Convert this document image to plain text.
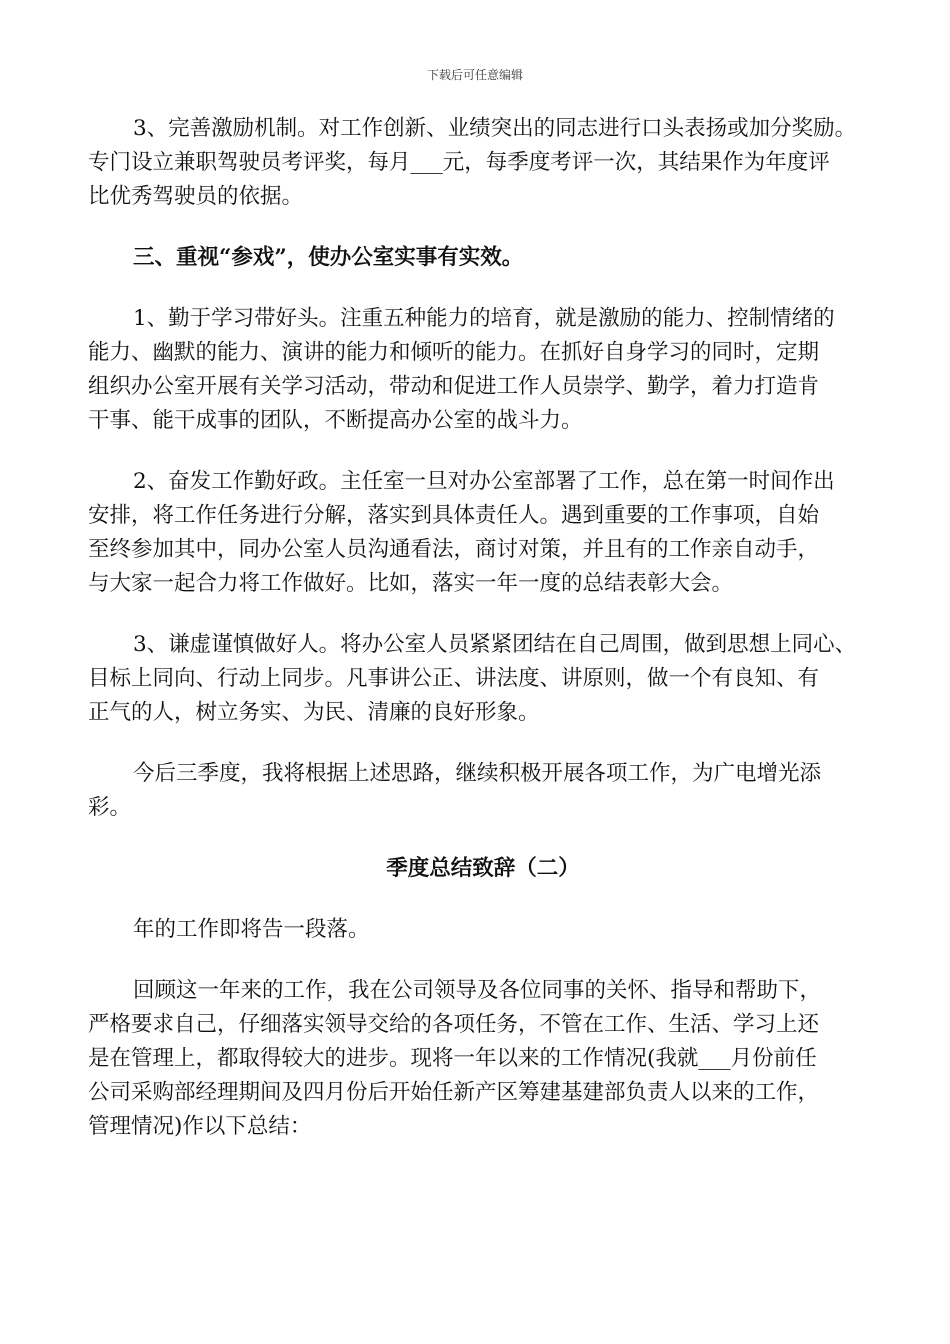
下载后可任意编辑
3、完善激励机制。对工作创新、业绩突出的同志进行口头表扬或加分奖励。
专门设立兼职驾驶员考评奖，每月___元，每季度考评一次，其结果作为年度评
比优秀驾驶员的依据。
三、重视“参戏”，使办公室实事有实效。
1、勤于学习带好头。注重五种能力的培育，就是激励的能力、控制情绪的
能力、幽默的能力、演讲的能力和倾听的能力。在抓好自身学习的同时，定期
组织办公室开展有关学习活动，带动和促进工作人员崇学、勤学，着力打造肯
干事、能干成事的团队，不断提高办公室的战斗力。
2、奋发工作勤好政。主任室一旦对办公室部署了工作，总在第一时间作出
安排，将工作任务进行分解，落实到具体责任人。遇到重要的工作事项，自始
至终参加其中，同办公室人员沟通看法，商讨对策，并且有的工作亲自动手，
与大家一起合力将工作做好。比如，落实一年一度的总结表彰大会。
3、谦虚谨慎做好人。将办公室人员紧紧团结在自己周围，做到思想上同心、
目标上同向、行动上同步。凡事讲公正、讲法度、讲原则，做一个有良知、有
正气的人，树立务实、为民、清廉的良好形象。
今后三季度，我将根据上述思路，继续积极开展各项工作，为广电增光添
彩。
季度总结致辞（二）
年的工作即将告一段落。
回顾这一年来的工作，我在公司领导及各位同事的关怀、指导和帮助下，
严格要求自己，仔细落实领导交给的各项任务，不管在工作、生活、学习上还
是在管理上，都取得较大的进步。现将一年以来的工作情况(我就___月份前任
公司采购部经理期间及四月份后开始任新产区筹建基建部负责人以来的工作，
管理情况)作以下总结：
